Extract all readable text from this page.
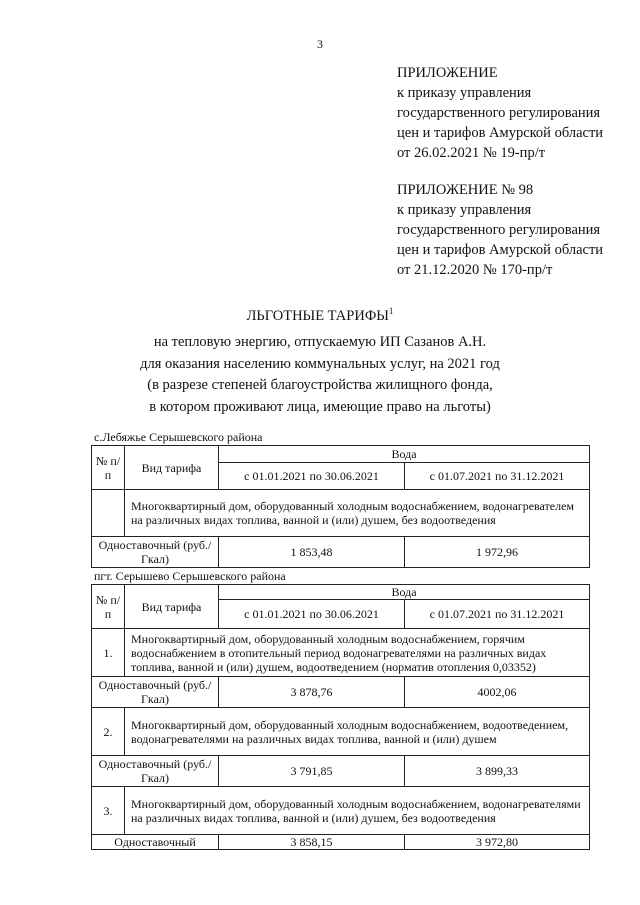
3
ПРИЛОЖЕНИЕ
к приказу управления
государственного регулирования
цен и тарифов Амурской области
от 26.02.2021 № 19-пр/т
ПРИЛОЖЕНИЕ № 98
к приказу управления
государственного регулирования
цен и тарифов Амурской области
от 21.12.2020 № 170-пр/т
ЛЬГОТНЫЕ ТАРИФЫ$^1$
на тепловую энергию, отпускаемую ИП Сазанов А.Н.
для оказания населению коммунальных услуг, на 2021 год
(в разрезе степеней благоустройства жилищного фонда,
в котором проживают лица, имеющие право на льготы)
с.Лебяжье Серышевского района
№ п/п	Вид тарифа	Вода	
		с 01.01.2021 по 30.06.2021	с 01.07.2021 по 31.12.2021
	Многоквартирный дом, оборудованный холодным водоснабжением, водонагревателем на различных видах топлива, ванной и (или) душем, без водоотведения		
Одноставочный (руб./Гкал)		1 853,48	1 972,96
пгт. Серышево Серышевского района
№ п/п	Вид тарифа	Вода	
		с 01.01.2021 по 30.06.2021	с 01.07.2021 по 31.12.2021
1.	Многоквартирный дом, оборудованный холодным водоснабжением, горячим водоснабжением в отопительный период водонагревателями на различных видах топлива, ванной и (или) душем, водоотведением (норматив отопления 0,03352)		
Одноставочный (руб./Гкал)		3 878,76	4002,06
2.	Многоквартирный дом, оборудованный холодным водоснабжением, водоотведением, водонагревателями на различных видах топлива, ванной и (или) душем		
Одноставочный (руб./Гкал)		3 791,85	3 899,33
3.	Многоквартирный дом, оборудованный холодным водоснабжением, водонагревателями на различных видах топлива, ванной и (или) душем, без водоотведения		
Одноставочный		3 858,15	3 972,80
